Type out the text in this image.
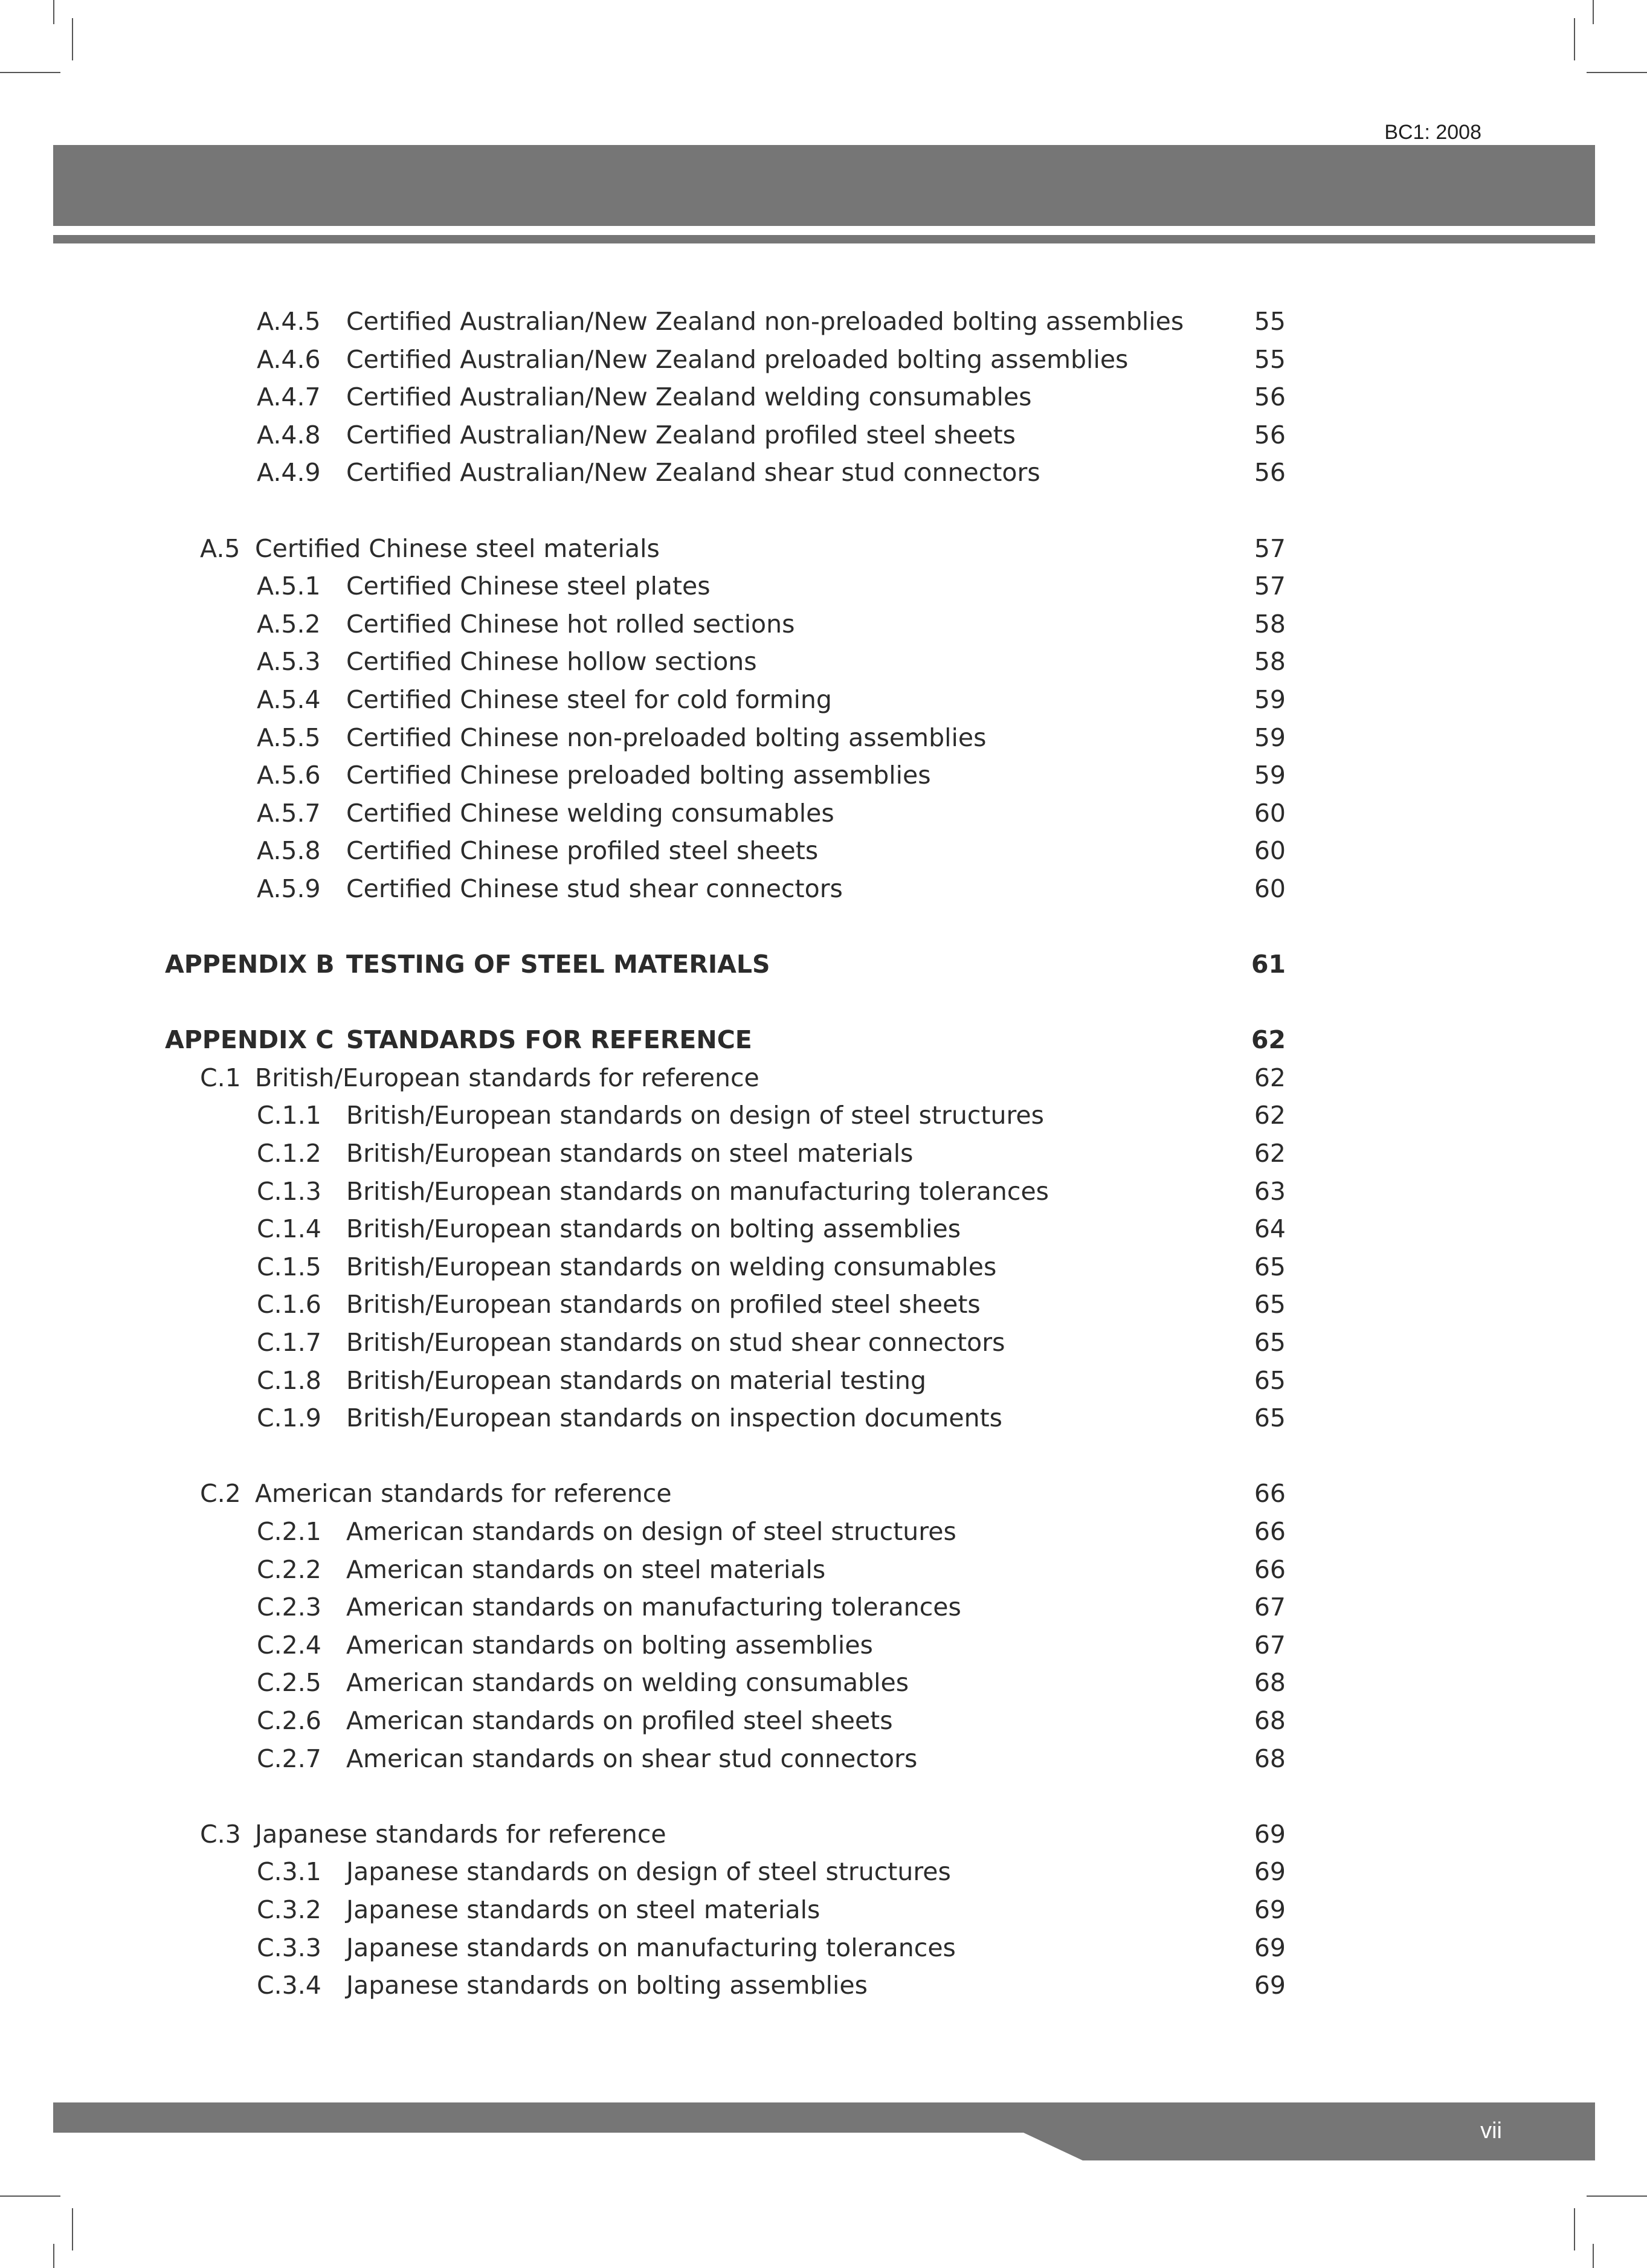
BC1: 2008
A.4.5 Certified Australian/New Zealand non-preloaded bolting assemblies	55
A.4.6 Certified Australian/New Zealand preloaded bolting assemblies	55
A.4.7 Certified Australian/New Zealand welding consumables	56
A.4.8 Certified Australian/New Zealand profiled steel sheets	56
A.4.9 Certified Australian/New Zealand shear stud connectors	56
A.5 Certified Chinese steel materials	57
A.5.1 Certified Chinese steel plates	57
A.5.2 Certified Chinese hot rolled sections	58
A.5.3 Certified Chinese hollow sections	58
A.5.4 Certified Chinese steel for cold forming	59
A.5.5 Certified Chinese non-preloaded bolting assemblies	59
A.5.6 Certified Chinese preloaded bolting assemblies	59
A.5.7 Certified Chinese welding consumables	60
A.5.8 Certified Chinese profiled steel sheets	60
A.5.9 Certified Chinese stud shear connectors	60
APPENDIX B TESTING OF STEEL MATERIALS	61
APPENDIX C STANDARDS FOR REFERENCE	62
C.1 British/European standards for reference	62
C.1.1 British/European standards on design of steel structures	62
C.1.2 British/European standards on steel materials	62
C.1.3 British/European standards on manufacturing tolerances	63
C.1.4 British/European standards on bolting assemblies	64
C.1.5 British/European standards on welding consumables	65
C.1.6 British/European standards on profiled steel sheets	65
C.1.7 British/European standards on stud shear connectors	65
C.1.8 British/European standards on material testing	65
C.1.9 British/European standards on inspection documents	65
C.2 American standards for reference	66
C.2.1 American standards on design of steel structures	66
C.2.2 American standards on steel materials	66
C.2.3 American standards on manufacturing tolerances	67
C.2.4 American standards on bolting assemblies	67
C.2.5 American standards on welding consumables	68
C.2.6 American standards on profiled steel sheets	68
C.2.7 American standards on shear stud connectors	68
C.3 Japanese standards for reference	69
C.3.1 Japanese standards on design of steel structures	69
C.3.2 Japanese standards on steel materials	69
C.3.3 Japanese standards on manufacturing tolerances	69
C.3.4 Japanese standards on bolting assemblies	69
vii
